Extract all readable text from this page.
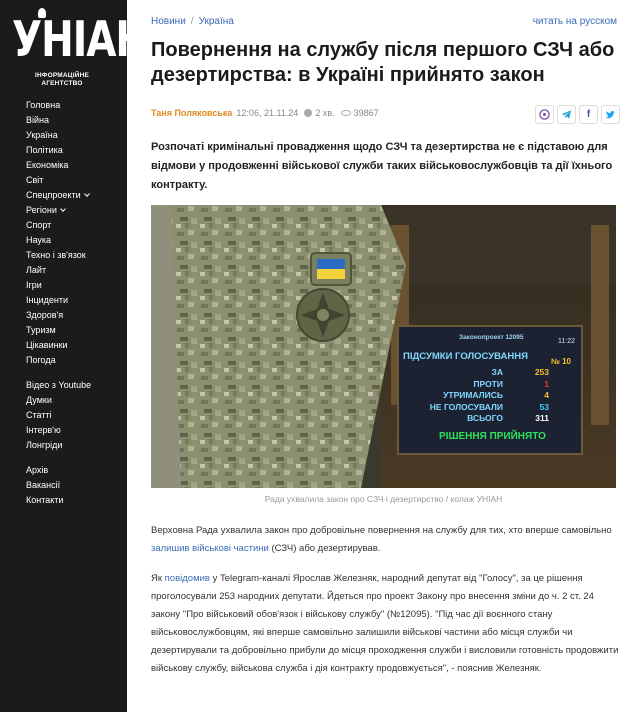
УНІАН
ІНФОРМАЦІЙНЕ
АГЕНТСТВО
Головна
Війна
Україна
Політика
Економіка
Світ
Спецпроекти
Регіони
Спорт
Наука
Техно і зв'язок
Лайт
Ігри
Інциденти
Здоров'я
Туризм
Цікавинки
Погода
Відео з Youtube
Думки
Статті
Інтерв'ю
Лонгріди
Архів
Вакансії
Контакти
Новини / Україна	читать на русском
Повернення на службу після першого СЗЧ або дезертирства: в Україні прийнято закон
Таня Поляковська 12:06, 21.11.24 2 хв. 39867	f

Розпочаті кримінальні провадження щодо СЗЧ та дезертирства не є підставою для відмови у продовженні військової служби таких військовослужбовців та дії їхнього контракту.

Законопроект 12095
11:22
ПІДСУМКИ ГОЛОСУВАННЯ	№ 10
ЗА	253
ПРОТИ	1
УТРИМАЛИСЬ	4
НЕ ГОЛОСУВАЛИ	53
ВСЬОГО	311
РІШЕННЯ ПРИЙНЯТО
Рада ухвалила закон про СЗЧ і дезертирство / колаж УНІАН

Верховна Рада ухвалила закон про добровільне повернення на службу для тих, хто вперше самовільно залишив військові частини (СЗЧ) або дезертирував.

Як повідомив у Telegram-каналі Ярослав Железняк, народний депутат від "Голосу", за це рішення проголосували 253 народних депутати. Йдеться про проект Закону про внесення зміни до ч. 2 ст. 24 закону "Про військовий обов'язок і військову службу" (№12095). "Під час дії воєнного стану військовослужбовцям, які вперше самовільно залишили військові частини або місця служби чи дезертирували та добровільно прибули до місця проходження служби і висловили готовність продовжити військову службу, військова служба і дія контракту продовжується", - пояснив Железняк.
